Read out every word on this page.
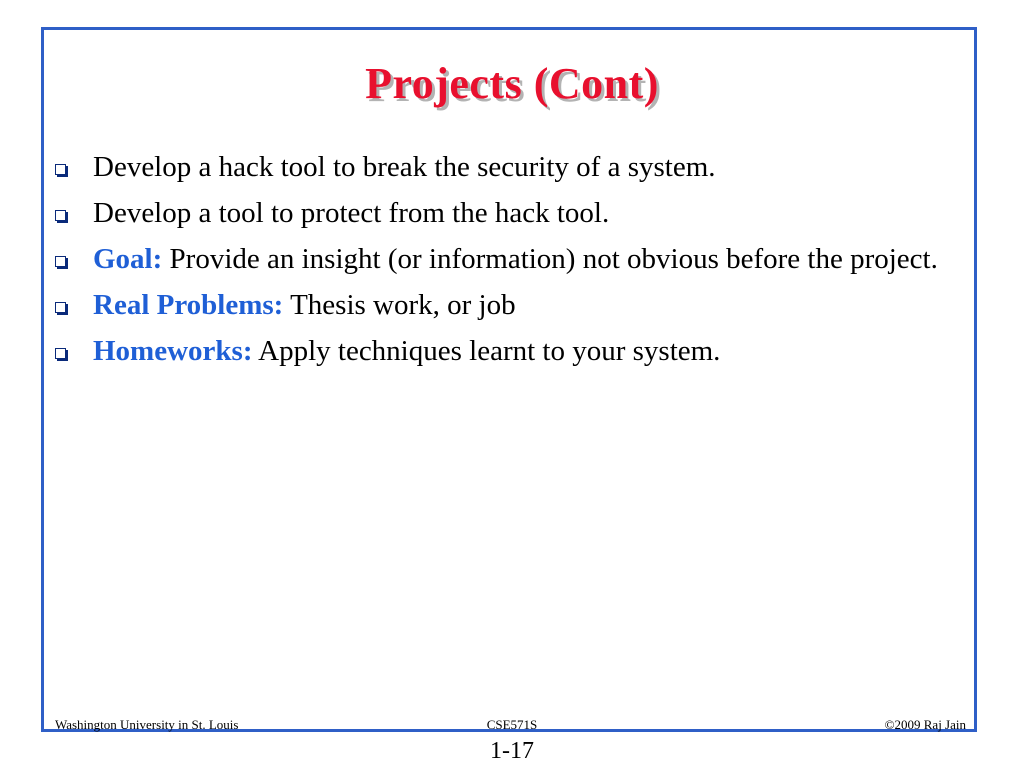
Projects (Cont)
Develop a hack tool to break the security of a system.
Develop a tool to protect from the hack tool.
Goal: Provide an insight (or information) not obvious before the project.
Real Problems: Thesis work, or job
Homeworks: Apply techniques learnt to your system.
Washington University in St. Louis	CSE571S	©2009 Raj Jain
1-17
